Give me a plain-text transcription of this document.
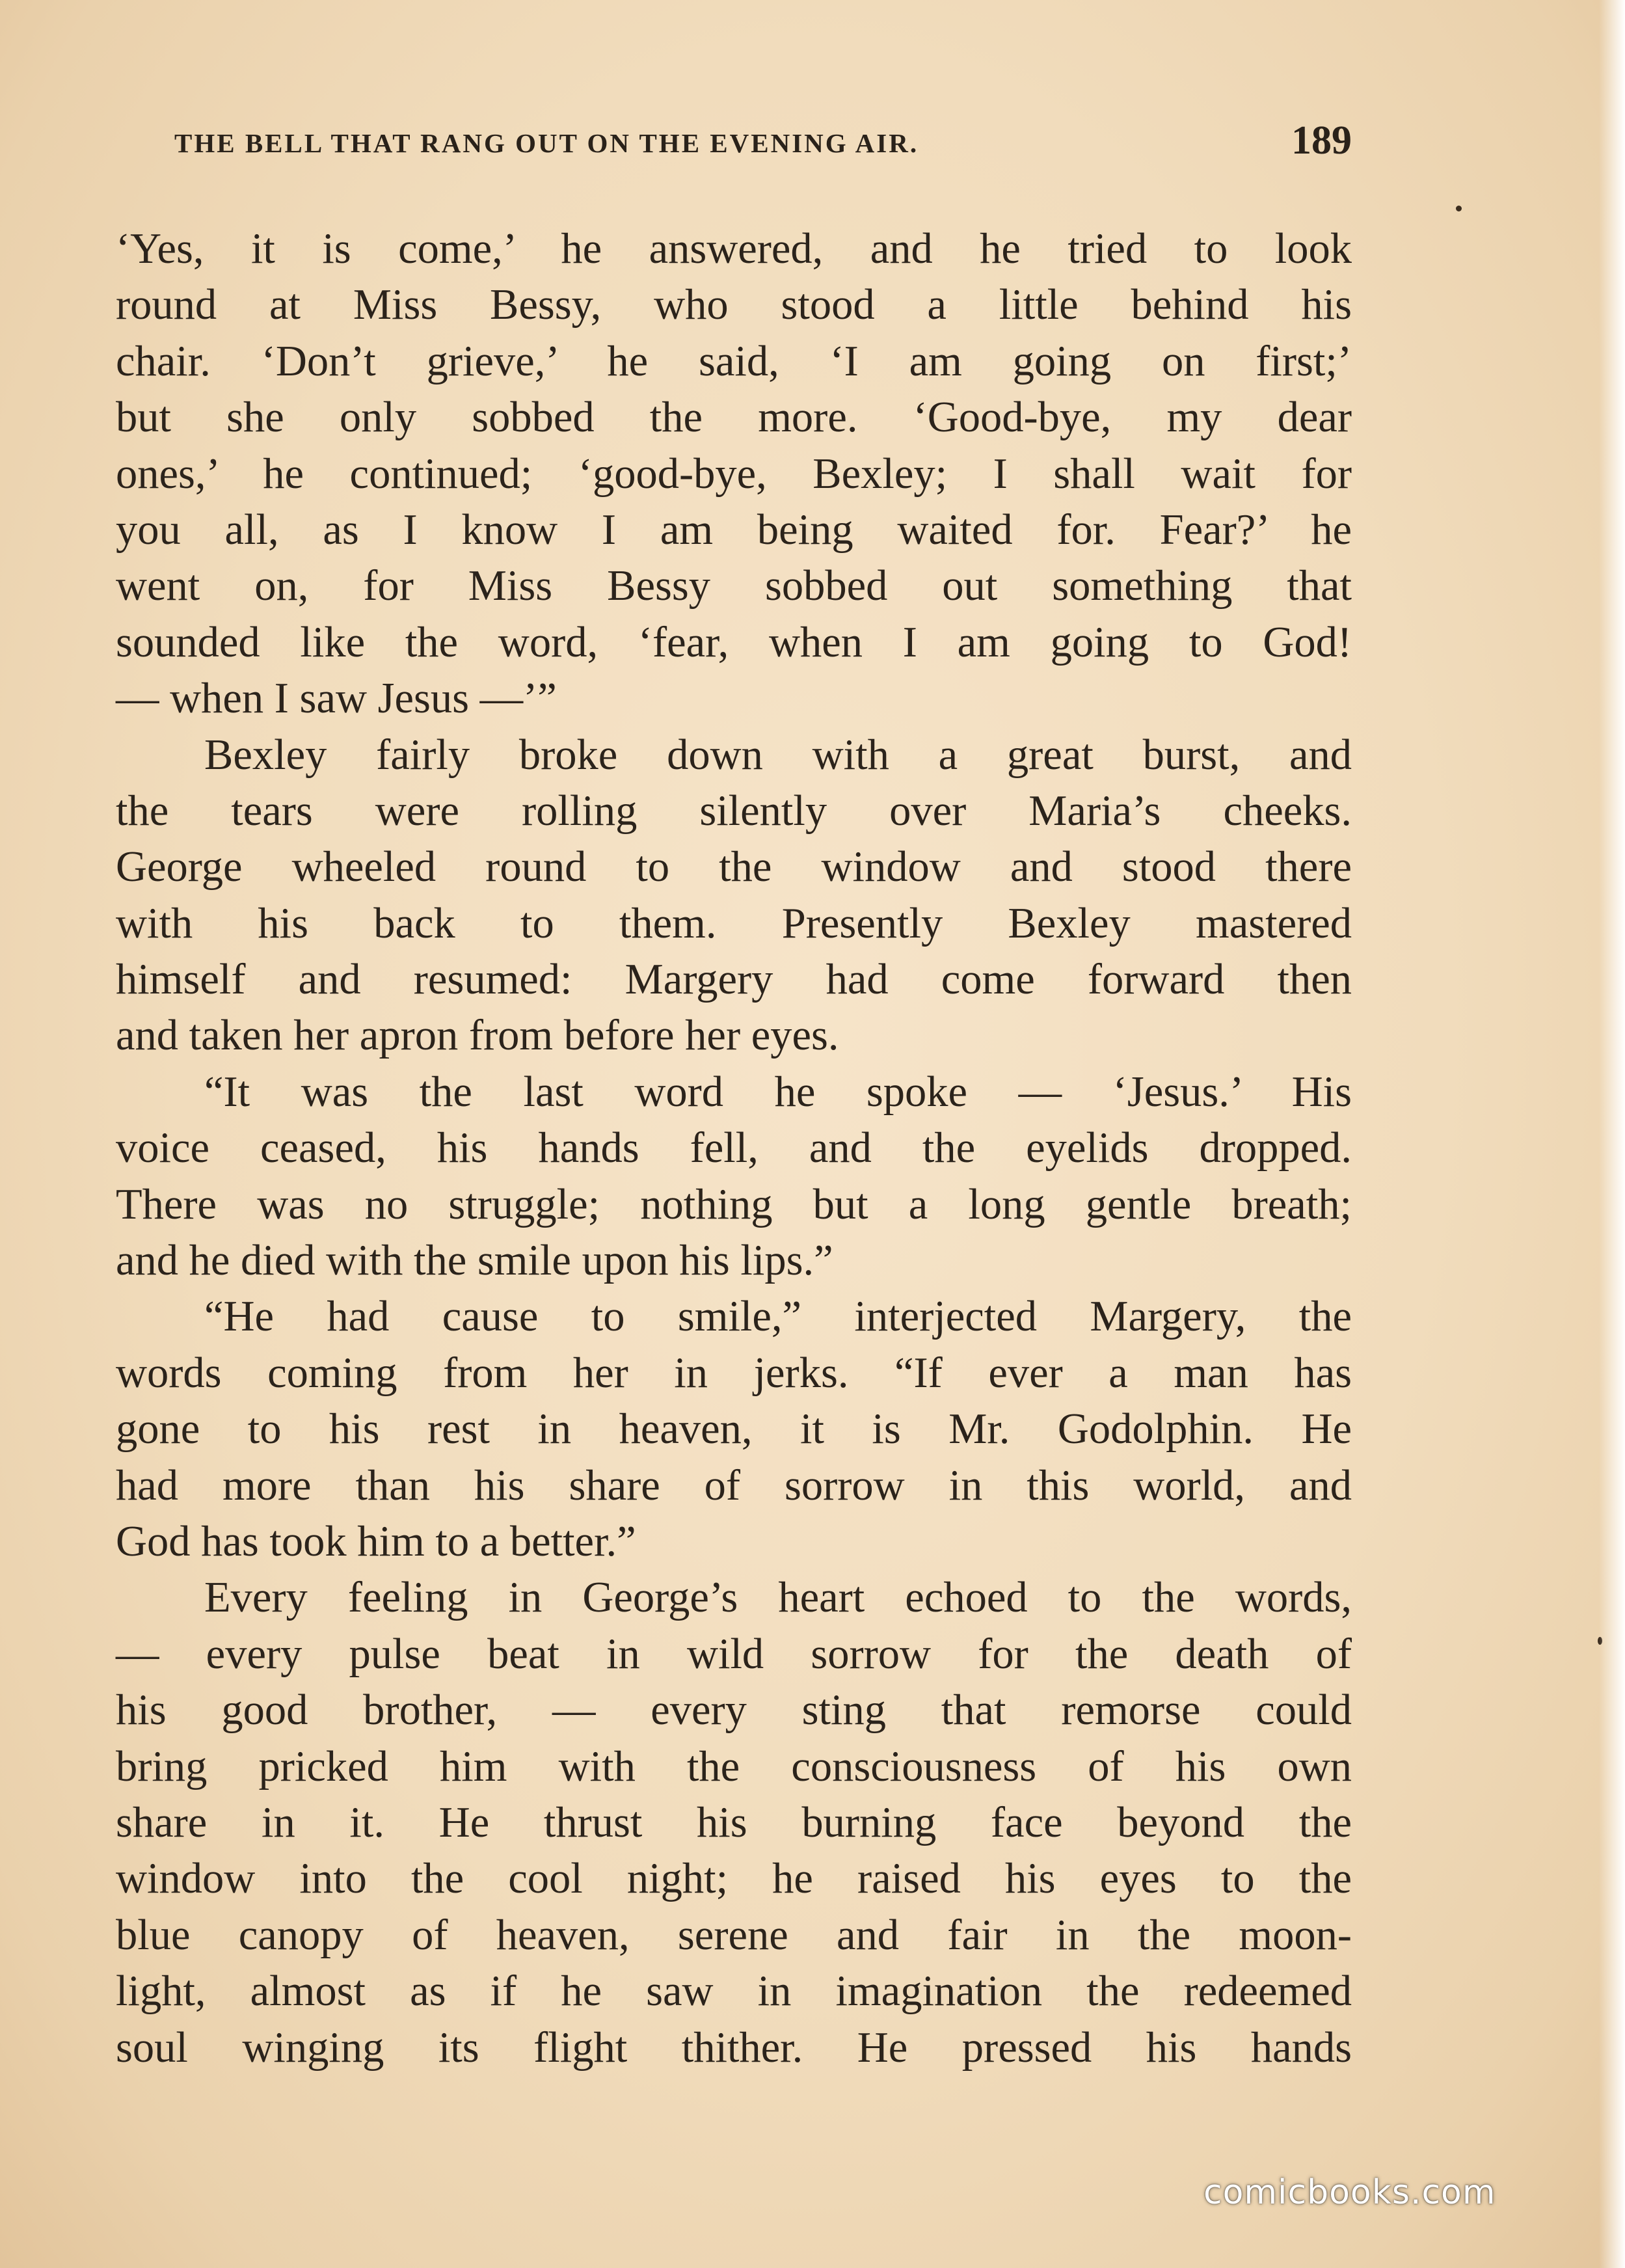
THE BELL THAT RANG OUT ON THE EVENING AIR.	189
‘Yes, it is come,’ he answered, and he tried to look
round at Miss Bessy, who stood a little behind his
chair. ‘Don’t grieve,’ he said, ‘I am going on first;’
but she only sobbed the more. ‘Good-bye, my dear
ones,’ he continued; ‘good-bye, Bexley; I shall wait for
you all, as I know I am being waited for. Fear?’ he
went on, for Miss Bessy sobbed out something that
sounded like the word, ‘fear, when I am going to God!
— when I saw Jesus —’”
Bexley fairly broke down with a great burst, and
the tears were rolling silently over Maria’s cheeks.
George wheeled round to the window and stood there
with his back to them. Presently Bexley mastered
himself and resumed: Margery had come forward then
and taken her apron from before her eyes.
“It was the last word he spoke — ‘Jesus.’ His
voice ceased, his hands fell, and the eyelids dropped.
There was no struggle; nothing but a long gentle breath;
and he died with the smile upon his lips.”
“He had cause to smile,” interjected Margery, the
words coming from her in jerks. “If ever a man has
gone to his rest in heaven, it is Mr. Godolphin. He
had more than his share of sorrow in this world, and
God has took him to a better.”
Every feeling in George’s heart echoed to the words,
— every pulse beat in wild sorrow for the death of
his good brother, — every sting that remorse could
bring pricked him with the consciousness of his own
share in it. He thrust his burning face beyond the
window into the cool night; he raised his eyes to the
blue canopy of heaven, serene and fair in the moon-
light, almost as if he saw in imagination the redeemed
soul winging its flight thither. He pressed his hands
comicbooks.com
